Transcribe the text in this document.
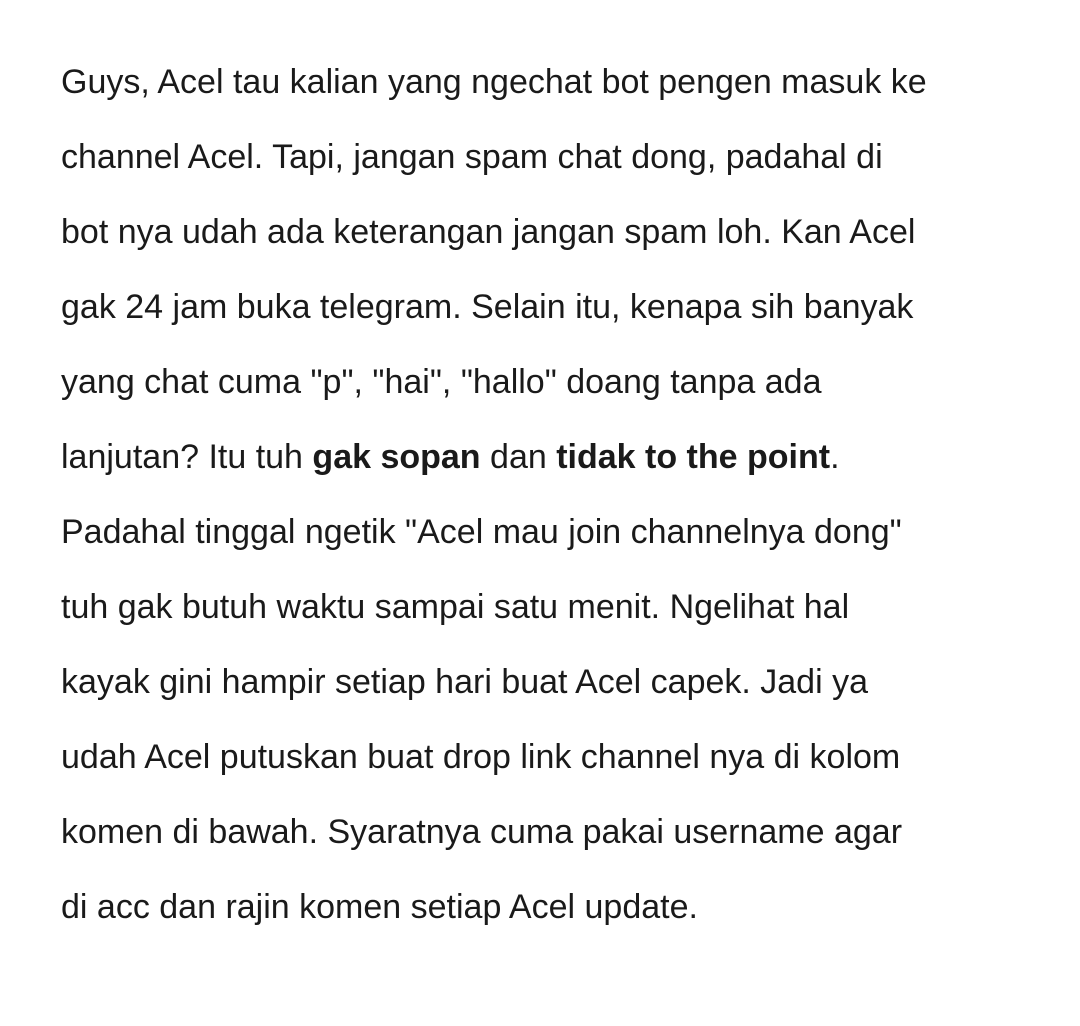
Guys, Acel tau kalian yang ngechat bot pengen masuk ke
channel Acel. Tapi, jangan spam chat dong, padahal di
bot nya udah ada keterangan jangan spam loh. Kan Acel
gak 24 jam buka telegram. Selain itu, kenapa sih banyak
yang chat cuma "p", "hai", "hallo" doang tanpa ada
lanjutan? Itu tuh gak sopan dan tidak to the point.
Padahal tinggal ngetik "Acel mau join channelnya dong"
tuh gak butuh waktu sampai satu menit. Ngelihat hal
kayak gini hampir setiap hari buat Acel capek. Jadi ya
udah Acel putuskan buat drop link channel nya di kolom
komen di bawah. Syaratnya cuma pakai username agar
di acc dan rajin komen setiap Acel update.
